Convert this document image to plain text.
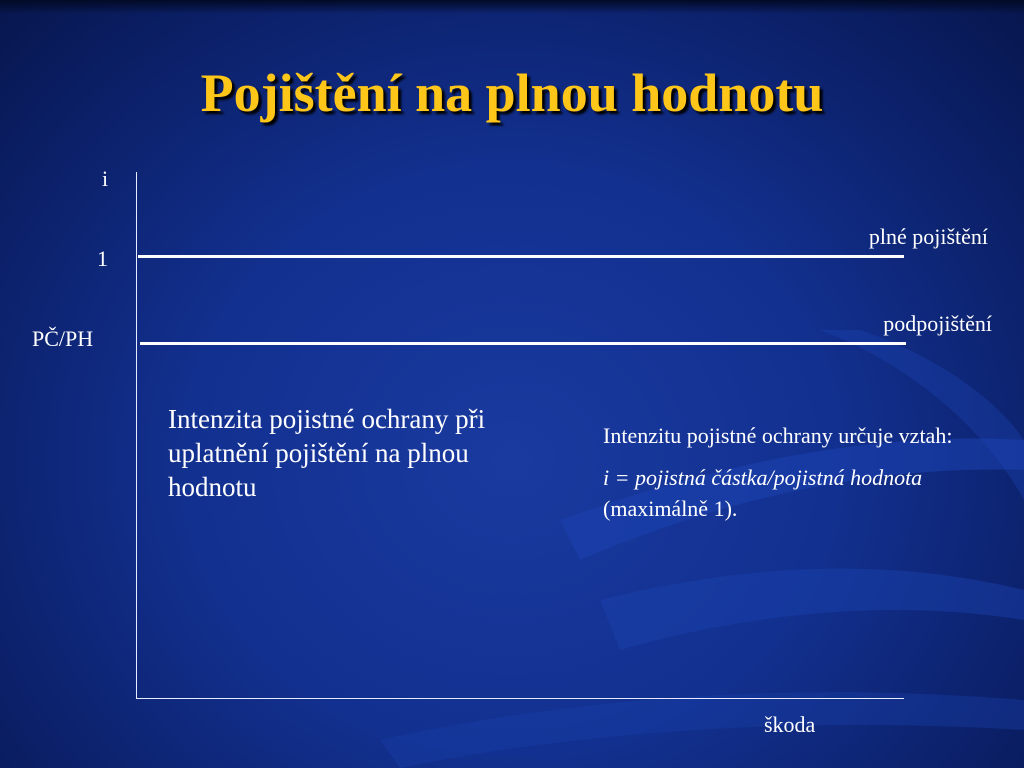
Pojištění na plnou hodnotu
i
1
PČ/PH
plné pojištění
podpojištění
škoda
Intenzita pojistné ochrany při uplatnění pojištění na plnou hodnotu

Intenzitu pojistné ochrany určuje vztah:

i = pojistná částka/pojistná hodnota (maximálně 1).
